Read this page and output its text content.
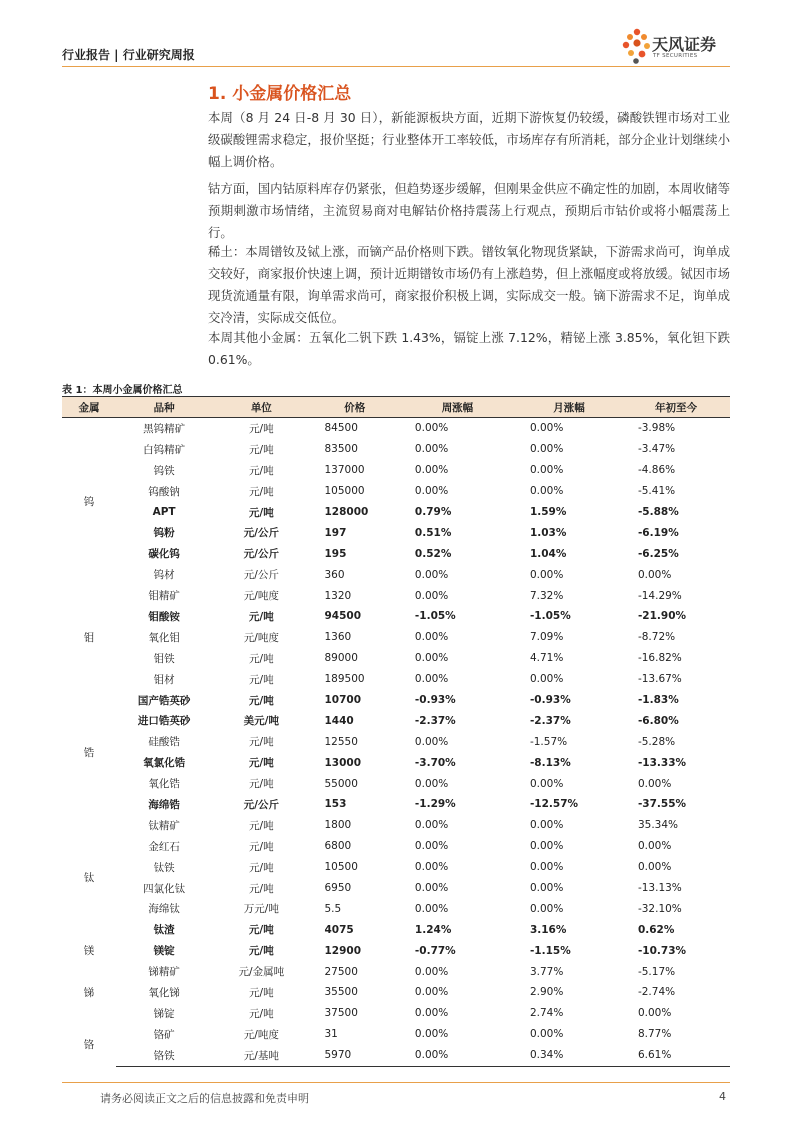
行业报告 | 行业研究周报
天风证券
TF SECURITIES
1. 小金属价格汇总
本周（8 月 24 日-8 月 30 日），新能源板块方面，近期下游恢复仍较缓，磷酸铁锂市场对工业级碳酸锂需求稳定，报价坚挺；行业整体开工率较低，市场库存有所消耗，部分企业计划继续小幅上调价格。
钴方面，国内钴原料库存仍紧张，但趋势逐步缓解，但刚果金供应不确定性的加剧，本周收储等预期刺激市场情绪，主流贸易商对电解钴价格持震荡上行观点，预期后市钴价或将小幅震荡上行。
稀土：本周镨钕及铽上涨，而镝产品价格则下跌。镨钕氧化物现货紧缺，下游需求尚可，询单成交较好，商家报价快速上调，预计近期镨钕市场仍有上涨趋势，但上涨幅度或将放缓。铽因市场现货流通量有限，询单需求尚可，商家报价积极上调，实际成交一般。镝下游需求不足，询单成交冷清，实际成交低位。
本周其他小金属：五氧化二钒下跌 1.43%，镉锭上涨 7.12%，精铋上涨 3.85%，氧化钽下跌 0.61%。
表 1：本周小金属价格汇总
金属	品种	单位	价格	周涨幅	月涨幅	年初至今
钨	黑钨精矿	元/吨	84500	0.00%	0.00%	-3.98%
	白钨精矿	元/吨	83500	0.00%	0.00%	-3.47%
	钨铁	元/吨	137000	0.00%	0.00%	-4.86%
	钨酸钠	元/吨	105000	0.00%	0.00%	-5.41%
	APT	元/吨	128000	0.79%	1.59%	-5.88%
	钨粉	元/公斤	197	0.51%	1.03%	-6.19%
	碳化钨	元/公斤	195	0.52%	1.04%	-6.25%
	钨材	元/公斤	360	0.00%	0.00%	0.00%
钼	钼精矿	元/吨度	1320	0.00%	7.32%	-14.29%
	钼酸铵	元/吨	94500	-1.05%	-1.05%	-21.90%
	氧化钼	元/吨度	1360	0.00%	7.09%	-8.72%
	钼铁	元/吨	89000	0.00%	4.71%	-16.82%
	钼材	元/吨	189500	0.00%	0.00%	-13.67%
锆	国产锆英砂	元/吨	10700	-0.93%	-0.93%	-1.83%
	进口锆英砂	美元/吨	1440	-2.37%	-2.37%	-6.80%
	硅酸锆	元/吨	12550	0.00%	-1.57%	-5.28%
	氧氯化锆	元/吨	13000	-3.70%	-8.13%	-13.33%
	氧化锆	元/吨	55000	0.00%	0.00%	0.00%
	海绵锆	元/公斤	153	-1.29%	-12.57%	-37.55%
钛	钛精矿	元/吨	1800	0.00%	0.00%	35.34%
	金红石	元/吨	6800	0.00%	0.00%	0.00%
	钛铁	元/吨	10500	0.00%	0.00%	0.00%
	四氯化钛	元/吨	6950	0.00%	0.00%	-13.13%
	海绵钛	万元/吨	5.5	0.00%	0.00%	-32.10%
	钛渣	元/吨	4075	1.24%	3.16%	0.62%
镁	镁锭	元/吨	12900	-0.77%	-1.15%	-10.73%
锑	锑精矿	元/金属吨	27500	0.00%	3.77%	-5.17%
	氧化锑	元/吨	35500	0.00%	2.90%	-2.74%
	锑锭	元/吨	37500	0.00%	2.74%	0.00%
铬	铬矿	元/吨度	31	0.00%	0.00%	8.77%
	铬铁	元/基吨	5970	0.00%	0.34%	6.61%
请务必阅读正文之后的信息披露和免责申明	4
